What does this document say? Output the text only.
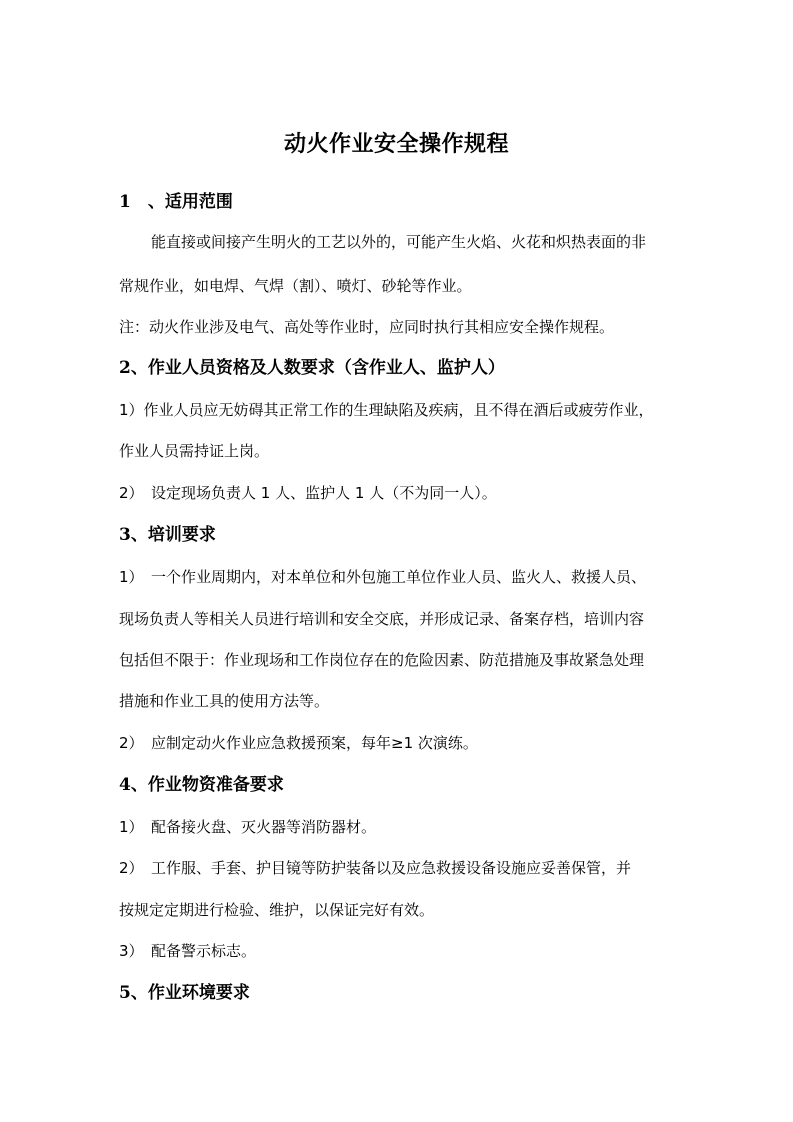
动火作业安全操作规程
1　、适用范围
能直接或间接产生明火的工艺以外的，可能产生火焰、火花和炽热表面的非
常规作业，如电焊、气焊（割）、喷灯、砂轮等作业。
注：动火作业涉及电气、高处等作业时，应同时执行其相应安全操作规程。
2、作业人员资格及人数要求（含作业人、监护人）
1）作业人员应无妨碍其正常工作的生理缺陷及疾病，且不得在酒后或疲劳作业，
作业人员需持证上岗。
2）　设定现场负责人 1 人、监护人 1 人（不为同一人）。
3、培训要求
1）　一个作业周期内，对本单位和外包施工单位作业人员、监火人、救援人员、
现场负责人等相关人员进行培训和安全交底，并形成记录、备案存档，培训内容
包括但不限于：作业现场和工作岗位存在的危险因素、防范措施及事故紧急处理
措施和作业工具的使用方法等。
2）　应制定动火作业应急救援预案，每年≥1 次演练。
4、作业物资准备要求
1）　配备接火盘、灭火器等消防器材。
2）　工作服、手套、护目镜等防护装备以及应急救援设备设施应妥善保管，并
按规定定期进行检验、维护，以保证完好有效。
3）　配备警示标志。
5、作业环境要求
